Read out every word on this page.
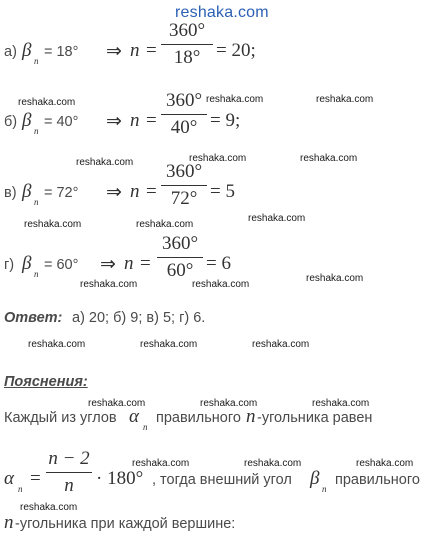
reshaka.com
а) β n
= 18° ⇒ n =
360°
18° = 20;
б) β n
= 40° ⇒ n =
360°
40° = 9;
в) β n
= 72° ⇒ n =
360°
72° = 5
г) β n
= 60° ⇒ n =
360°
60° = 6
Ответ: а) 20; б) 9; в) 5; г) 6.
Пояснения:
Каждый из углов α n
правильного n -угольника равен
α n =
n − 2
n	· 180° , тогда внешний угол β n
правильного
n -угольника при каждой вершине:
reshaka.com	reshaka.com	reshaka.com
reshaka.com	reshaka.com	reshaka.com
reshaka.com	reshaka.com
reshaka.com
reshaka.com	reshaka.com
reshaka.com
reshaka.com	reshaka.com	reshaka.com
reshaka.com	reshaka.com	reshaka.com
reshaka.com	reshaka.com	reshaka.com
reshaka.com
